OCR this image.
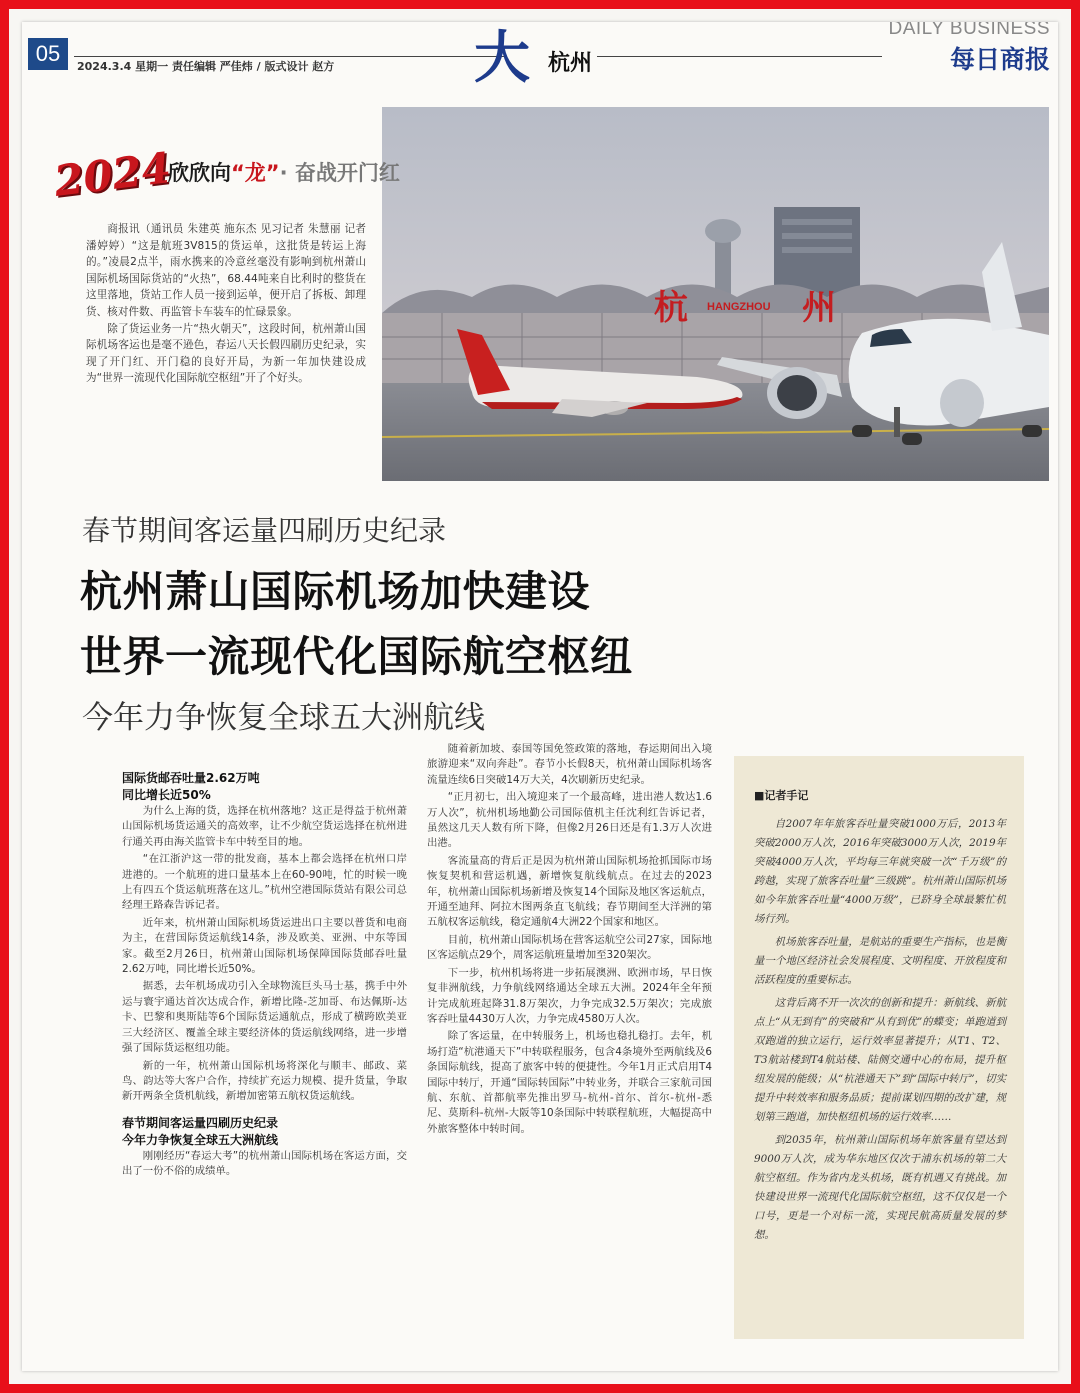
05
2024.3.4 星期一 责任编辑 严佳炜 / 版式设计 赵方 大 杭州
DAILY BUSINESS
每日商报
杭 HANGZHOU 州
2024
欣欣向“龙”· 奋战开门红

商报讯（通讯员 朱建英 施东杰 见习记者 朱慧丽 记者 潘婷婷）“这是航班3V815的货运单，这批货是转运上海的。”凌晨2点半，雨水携来的冷意丝毫没有影响到杭州萧山国际机场国际货站的“火热”，68.44吨来自比利时的整货在这里落地，货站工作人员一接到运单，便开启了拆板、卸理货、核对件数、再监管卡车装车的忙碌景象。

除了货运业务一片“热火朝天”，这段时间，杭州萧山国际机场客运也是毫不逊色，春运八天长假四刷历史纪录，实现了开门红、开门稳的良好开局，为新一年加快建设成为“世界一流现代化国际航空枢纽”开了个好头。

春节期间客运量四刷历史纪录
杭州萧山国际机场加快建设
世界一流现代化国际航空枢纽
今年力争恢复全球五大洲航线
国际货邮吞吐量2.62万吨
同比增长近50%

为什么上海的货，选择在杭州落地？这正是得益于杭州萧山国际机场货运通关的高效率，让不少航空货运选择在杭州进行通关再由海关监管卡车中转至目的地。

“在江浙沪这一带的批发商，基本上都会选择在杭州口岸进港的。一个航班的进口量基本上在60-90吨，忙的时候一晚上有四五个货运航班落在这儿。”杭州空港国际货站有限公司总经理王路森告诉记者。

近年来，杭州萧山国际机场货运进出口主要以普货和电商为主，在营国际货运航线14条，涉及欧美、亚洲、中东等国家。截至2月26日，杭州萧山国际机场保障国际货邮吞吐量2.62万吨，同比增长近50%。

据悉，去年机场成功引入全球物流巨头马士基，携手中外运与寰宇通达首次达成合作，新增比隆-芝加哥、布达佩斯-达卡、巴黎和奥斯陆等6个国际货运通航点，形成了横跨欧美亚三大经济区、覆盖全球主要经济体的货运航线网络，进一步增强了国际货运枢纽功能。

新的一年，杭州萧山国际机场将深化与顺丰、邮政、菜鸟、韵达等大客户合作，持续扩充运力规模、提升货量，争取新开两条全货机航线，新增加密第五航权货运航线。

春节期间客运量四刷历史纪录
今年力争恢复全球五大洲航线

刚刚经历“春运大考”的杭州萧山国际机场在客运方面，交出了一份不俗的成绩单。

随着新加坡、泰国等国免签政策的落地，春运期间出入境旅游迎来“双向奔赴”。春节小长假8天，杭州萧山国际机场客流量连续6日突破14万大关，4次刷新历史纪录。

“正月初七，出入境迎来了一个最高峰，进出港人数达1.6万人次”，杭州机场地勤公司国际值机主任沈利红告诉记者，虽然这几天人数有所下降，但像2月26日还是有1.3万人次进出港。

客流量高的背后正是因为杭州萧山国际机场抢抓国际市场恢复契机和营运机遇，新增恢复航线航点。在过去的2023年，杭州萧山国际机场新增及恢复14个国际及地区客运航点，开通至迪拜、阿拉木图两条直飞航线；春节期间至大洋洲的第五航权客运航线，稳定通航4大洲22个国家和地区。

目前，杭州萧山国际机场在营客运航空公司27家，国际地区客运航点29个，周客运航班量增加至320架次。

下一步，杭州机场将进一步拓展澳洲、欧洲市场，早日恢复非洲航线，力争航线网络通达全球五大洲。2024年全年预计完成航班起降31.8万架次，力争完成32.5万架次；完成旅客吞吐量4430万人次，力争完成4580万人次。

除了客运量，在中转服务上，机场也稳扎稳打。去年，机场打造“杭港通天下”中转联程服务，包含4条境外至两航线及6条国际航线，提高了旅客中转的便捷性。今年1月正式启用T4国际中转厅，开通“国际转国际”中转业务，并联合三家航司国航、东航、首都航率先推出罗马-杭州-首尔、首尔-杭州-悉尼、莫斯科-杭州-大阪等10条国际中转联程航班，大幅提高中外旅客整体中转时间。

■记者手记

自2007年年旅客吞吐量突破1000万后，2013年突破2000万人次，2016年突破3000万人次，2019年突破4000万人次，平均每三年就突破一次“千万级”的跨越，实现了旅客吞吐量“三级跳”。杭州萧山国际机场如今年旅客吞吐量“4000万级”，已跻身全球最繁忙机场行列。

机场旅客吞吐量，是航站的重要生产指标，也是衡量一个地区经济社会发展程度、文明程度、开放程度和活跃程度的重要标志。

这背后离不开一次次的创新和提升：新航线、新航点上“从无到有”的突破和“从有到优”的蝶变；单跑道到双跑道的独立运行，运行效率显著提升；从T1、T2、T3航站楼到T4航站楼、陆侧交通中心的布局，提升枢纽发展的能级；从“杭港通天下”到“国际中转厅”，切实提升中转效率和服务品质；提前谋划四期的改扩建，规划第三跑道，加快枢纽机场的运行效率……

到2035年，杭州萧山国际机场年旅客量有望达到9000万人次，成为华东地区仅次于浦东机场的第二大航空枢纽。作为省内龙头机场，既有机遇又有挑战。加快建设世界一流现代化国际航空枢纽，这不仅仅是一个口号，更是一个对标一流，实现民航高质量发展的梦想。
